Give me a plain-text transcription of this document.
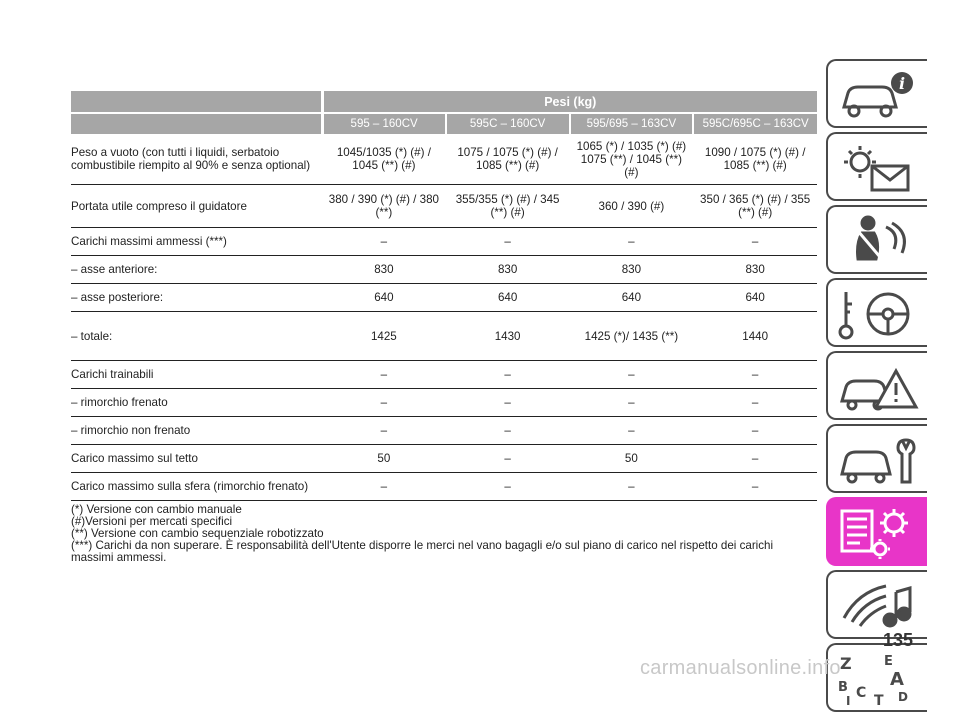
	Pesi (kg)			
	595 – 160CV	595C – 160CV	595/695 – 163CV	595C/695C – 163CV
Peso a vuoto (con tutti i liquidi, serbatoio combustibile riempito al 90% e senza optional)	1045/1035 (*) (#) / 1045 (**) (#)	1075 / 1075 (*) (#) / 1085 (**) (#)	1065 (*) / 1035 (*) (#) 1075 (**) / 1045 (**) (#)	1090 / 1075 (*) (#) / 1085 (**) (#)
Portata utile compreso il guidatore	380 / 390 (*) (#) / 380 (**)	355/355 (*) (#) / 345 (**) (#)	360 / 390 (#)	350 / 365 (*) (#) / 355 (**) (#)
Carichi massimi ammessi (***)	–	–	–	–
– asse anteriore:	830	830	830	830
– asse posteriore:	640	640	640	640
– totale:	1425	1430	1425 (*)/ 1435 (**)	1440
Carichi trainabili	–	–	–	–
– rimorchio frenato	–	–	–	–
– rimorchio non frenato	–	–	–	–
Carico massimo sul tetto	50	–	50	–
Carico massimo sulla sfera (rimorchio frenato)	–	–	–	–
(*) Versione con cambio manuale
(#)Versioni per mercati specifici
(**) Versione con cambio sequenziale robotizzato
(***) Carichi da non superare. È responsabilità dell'Utente disporre le merci nel vano bagagli e/o sul piano di carico nel rispetto dei carichi massimi ammessi.
i
Z E
B A
C	D
T
I
135
carmanualsonline.info
